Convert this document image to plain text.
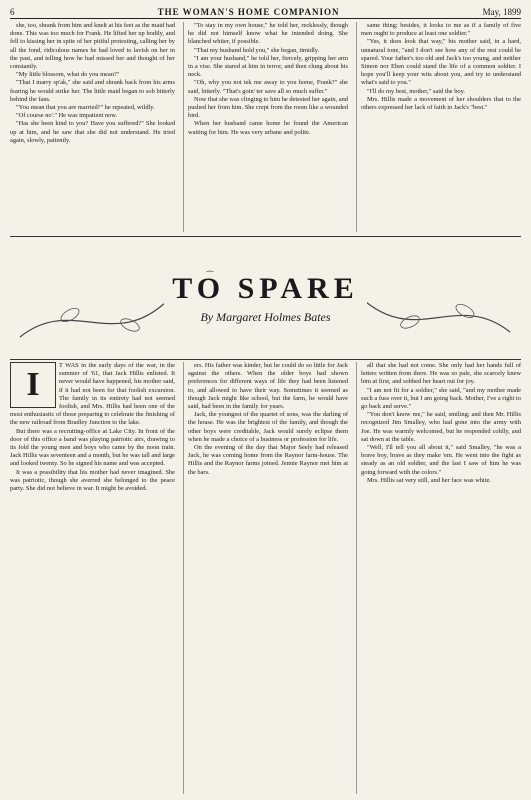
6	THE WOMAN'S HOME COMPANION	May, 1899

she, too, shrank from him and knelt at his feet as the maid had done. This was too much for Frank. He lifted her up bodily, and fell to kissing her in spite of her pitiful protesting, calling her by all the fond, ridiculous names he had loved to lavish on her in the past, and telling how he had missed her and thought of her constantly.

"My little blossom, what do you mean?"

"That I marry sp'ak," she said and shrank back from his arms fearing he would strike her. The little maid began to sob bitterly behind the fans.

"You mean that you are married?" he repeated, wildly.

"Of course no'." He was impatient now.

"Has she been kind to you? Have you suffered?" She looked up at him, and he saw that she did not understand. He tried again, slowly, patiently.

"To stay in my own house," he told her, recklessly, though he did not himself know what he intended doing. She blanched whiter, if possible.

"That my husband hold you," she began, timidly.

"I am your husband," he told her, fiercely, gripping her arm in a vise. She stared at him in terror, and then clung about his neck.

"Oh, why you not tek me away to you home, Frank?" she said, bitterly. "That's goin' ter save all so much suffer."

Now that she was clinging to him he detested her again, and pushed her from him. She crept from the room like a wounded bird.

When her husband came home he found the American waiting for him. He was very urbane and polite.

same thing; besides, it looks to me as if a family of five men ought to produce at least one soldier."

"Yes, it does look that way," his mother said, in a hard, unnatural tone, "and I don't see how any of the rest could be spared. Your father's too old and Jack's too young, and neither Simon nor Eben could stand the life of a common soldier. I hope you'll keep your wits about you, and try to understand what's said to you."

"I'll do my best, mother," said the boy.

Mrs. Hillis made a movement of her shoulders that to the others expressed her lack of faith in Jack's "best."

TO SPARE
By Margaret Holmes Bates
I

T WAS in the early days of the war, in the summer of '61, that Jack Hillis enlisted. It never would have happened, his mother said, if it had not been for that foolish excursion. The family in its entirety had not seemed foolish, and Mrs. Hillis had been one of the most enthusiastic of those preparing to celebrate the finishing of the new railroad from Bradley Junction to the lake.

But there was a recruiting-office at Lake City. In front of the door of this office a band was playing patriotic airs, drawing to its fold the young men and boys who came by the noon train. Jack Hillis was seventeen and a month, but he was tall and large and looked twenty. So he signed his name and was accepted.

It was a possibility that his mother had never imagined. She was patriotic, though she averred she belonged to the peace party. She did not believe in war. It might be avoided.

ers. His father was kinder, but he could do so little for Jack against the others. When the older boys had shown preferences for different ways of life they had been listened to, and allowed to have their way. Sometimes it seemed as though Jack might like school, but the farm, he would have said, had been in the family for years.

Jack, the youngest of the quartet of sons, was the darling of the house. He was the brightest of the family, and though the other boys were creditable, Jack would surely eclipse them when he made a choice of a business or profession for life.

On the evening of the day that Major Seely had released Jack, he was coming home from the Raynor farm-house. The Hillis and the Raynor farms joined. Jennie Raynor met him at the bars.

all that she had not come. She only had her hands full of letters written from there. He was so pale, she scarcely knew him at first, and sobbed her heart out for joy.

"I am not fit for a soldier," she said, "and my mother made such a fuss over it, but I am going back. Mother, I've a right to go back and serve."

"You don't know me," he said, smiling; and then Mr. Hillis recognized Jim Smalley, who had gone into the army with Joe. He was warmly welcomed, but he responded coldly, and sat down at the table.

"Well, I'll tell you all about it," said Smalley, "he was a brave boy, brave as they make 'em. He went into the fight as steady as an old soldier, and the last I saw of him he was going forward with the colors."

Mrs. Hillis sat very still, and her face was white.
